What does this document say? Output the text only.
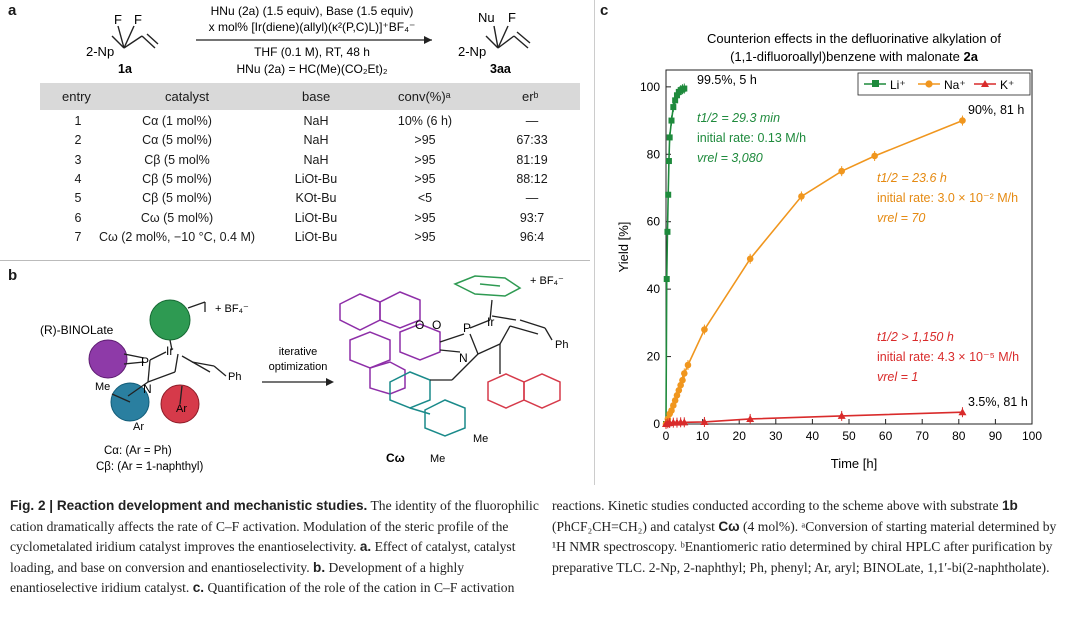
a
F F
2-Np
1a
HNu (2a) (1.5 equiv), Base (1.5 equiv)
x mol% [Ir(diene)(allyl)(κ²(P,C)L)]⁺BF₄⁻
THF (0.1 M), RT, 48 h
HNu (2a) = HC(Me)(CO₂Et)₂
Nu F
2-Np
3aa
entry	catalyst	base	conv(%)ᵃ	erᵇ
1	Cα (1 mol%)	NaH	10% (6 h)	—
2	Cα (5 mol%)	NaH	>95	67:33
3	Cβ (5 mol%	NaH	>95	81:19
4	Cβ (5 mol%)	LiOt-Bu	>95	88:12
5	Cβ (5 mol%)	KOt-Bu	<5	—
6	Cω (5 mol%)	LiOt-Bu	>95	93:7
7 Cω (2 mol%, −10 °C, 0.4 M)	LiOt-Bu	>95	96:4
b
Ir
P
N
Me
Ar
Ar
Ph
+ BF₄⁻
(R)-BINOLate
iterative
optimization
O O P Ir
N
Ph
+ BF₄⁻
Me
Me
Cα: (Ar = Ph)
Cβ: (Ar = 1-naphthyl)
Cω
c
Counterion effects in the defluorinative alkylation of
(1,1-difluoroallyl)benzene with malonate 2a
0 10 20 30 40 50 60 70 80 90 100
0
20
40
60
80
100
Time [h]
Yield [%]
Li⁺	Na⁺	K⁺
t1/2 = 29.3 min
initial rate: 0.13 M/h
vrel = 3,080
t1/2 = 23.6 h
initial rate: 3.0 × 10⁻² M/h
vrel = 70
t1/2 > 1,150 h
initial rate: 4.3 × 10⁻⁵ M/h
vrel = 1
99.5%, 5 h
90%, 81 h
3.5%, 81 h
Fig. 2 | Reaction development and mechanistic studies. The identity of the fluorophilic cation dramatically affects the rate of C–F activation. Modulation of the steric profile of the cyclometalated iridium catalyst improves the enantioselectivity. a. Effect of catalyst, catalyst loading, and base on conversion and enantioselectivity. b. Development of a highly enantioselective iridium catalyst. c. Quantification of the role of the cation in C–F activation
reactions. Kinetic studies conducted according to the scheme above with substrate 1b (PhCF₂CH=CH₂) and catalyst Cω (4 mol%). ᵃConversion of starting material determined by ¹H NMR spectroscopy. ᵇEnantiomeric ratio determined by chiral HPLC after purification by preparative TLC. 2-Np, 2-naphthyl; Ph, phenyl; Ar, aryl; BINOLate, 1,1′-bi(2-naphtholate).
